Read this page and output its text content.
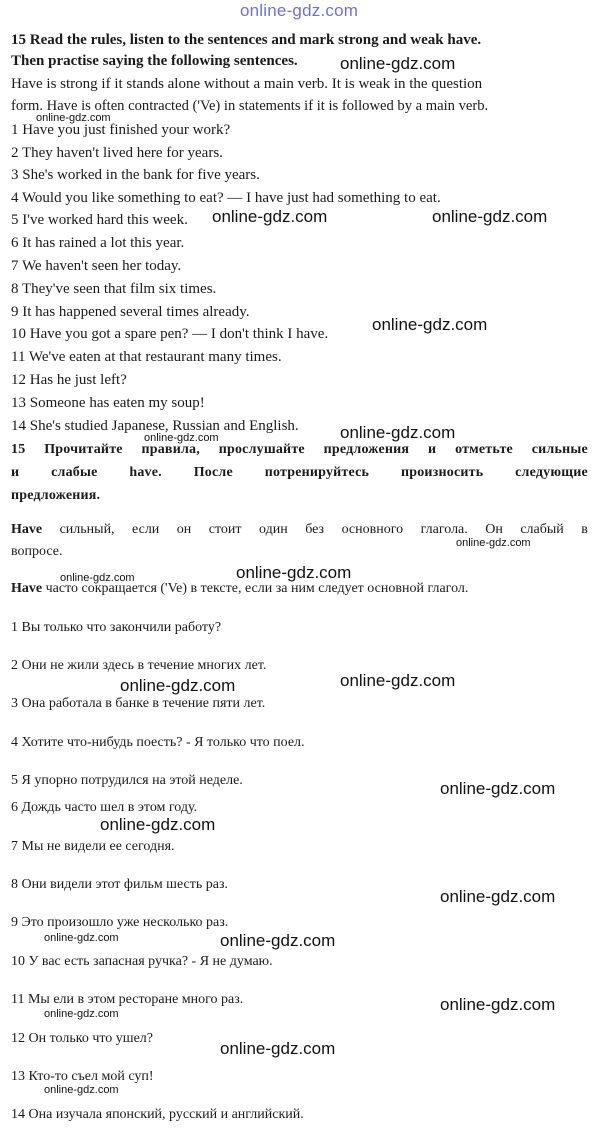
online-gdz.com
15 Read the rules, listen to the sentences and mark strong and weak have.
Then practise saying the following sentences.
Have is strong if it stands alone without a main verb. It is weak in the question
form. Have is often contracted ('Ve) in statements if it is followed by a main verb.
1 Have you just finished your work?
2 They haven't lived here for years.
3 She's worked in the bank for five years.
4 Would you like something to eat? — I have just had something to eat.
5 I've worked hard this week.
6 It has rained a lot this year.
7 We haven't seen her today.
8 They've seen that film six times.
9 It has happened several times already.
10 Have you got a spare pen? — I don't think I have.
11 We've eaten at that restaurant many times.
12 Has he just left?
13 Someone has eaten my soup!
14 She's studied Japanese, Russian and English.
15 Прочитайте правила, прослушайте предложения и отметьте сильные
и слабые have. После потренируйтесь произносить следующие
предложения.
Have сильный, если он стоит один без основного глагола. Он слабый в
вопросе.
Have часто сокращается ('Ve) в тексте, если за ним следует основной глагол.
1 Вы только что закончили работу?
2 Они не жили здесь в течение многих лет.
3 Она работала в банке в течение пяти лет.
4 Хотите что-нибудь поесть? - Я только что поел.
5 Я упорно потрудился на этой неделе.
6 Дождь часто шел в этом году.
7 Мы не видели ее сегодня.
8 Они видели этот фильм шесть раз.
9 Это произошло уже несколько раз.
10 У вас есть запасная ручка? - Я не думаю.
11 Мы ели в этом ресторане много раз.
12 Он только что ушел?
13 Кто-то съел мой суп!
14 Она изучала японский, русский и английский.
online-gdz.com
online-gdz.com	online-gdz.com
online-gdz.com
online-gdz.com
online-gdz.com
online-gdz.com
online-gdz.com
online-gdz.com
online-gdz.com
online-gdz.com
online-gdz.com
online-gdz.com
online-gdz.com
online-gdz.com
online-gdz.com
online-gdz.com
online-gdz.com
online-gdz.com
online-gdz.com
online-gdz.com
